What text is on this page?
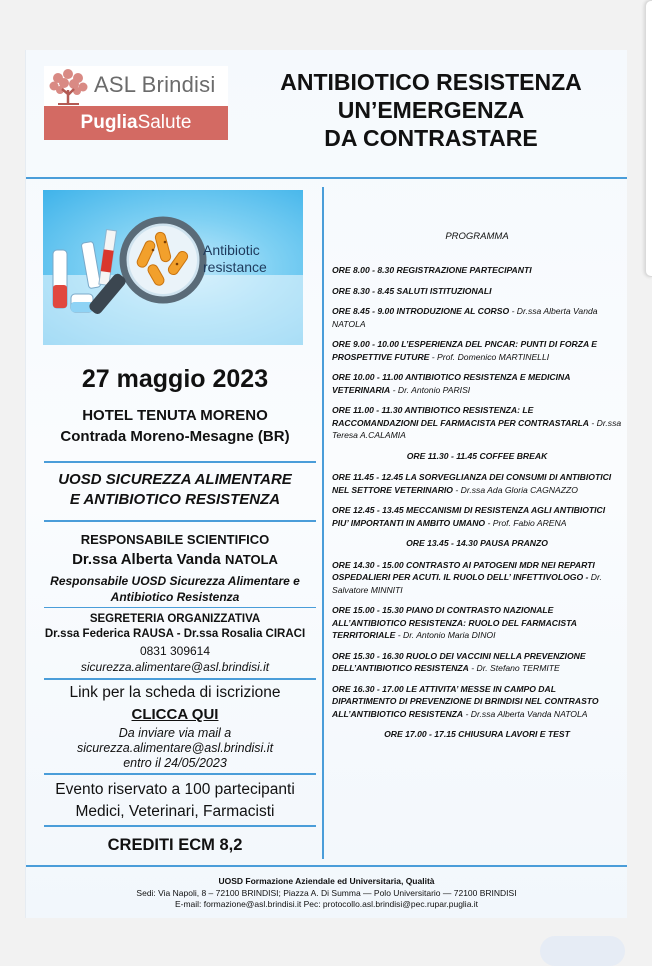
ASL Brindisi
Puglia Salute
ANTIBIOTICO RESISTENZA
UN’EMERGENZA
DA CONTRASTARE
Antibiotic
resistance
27 maggio 2023
HOTEL TENUTA MORENO
Contrada Moreno-Mesagne (BR)
UOSD SICUREZZA ALIMENTARE
E ANTIBIOTICO RESISTENZA
RESPONSABILE SCIENTIFICO
Dr.ssa Alberta Vanda NATOLA
Responsabile UOSD Sicurezza Alimentare e
Antibiotico Resistenza
SEGRETERIA ORGANIZZATIVA
Dr.ssa Federica RAUSA - Dr.ssa Rosalia CIRACI
0831 309614
sicurezza.alimentare@asl.brindisi.it
Link per la scheda di iscrizione
CLICCA QUI
Da inviare via mail a
sicurezza.alimentare@asl.brindisi.it
entro il 24/05/2023
Evento riservato a 100 partecipanti
Medici, Veterinari, Farmacisti
CREDITI ECM 8,2
PROGRAMMA
ORE 8.00 - 8.30 REGISTRAZIONE PARTECIPANTI
ORE 8.30 - 8.45 SALUTI ISTITUZIONALI
ORE 8.45 - 9.00 INTRODUZIONE AL CORSO - Dr.ssa Alberta Vanda NATOLA
ORE 9.00 - 10.00 L’ESPERIENZA DEL PNCAR: PUNTI DI FORZA E PROSPETTIVE FUTURE - Prof. Domenico MARTINELLI
ORE 10.00 - 11.00 ANTIBIOTICO RESISTENZA E MEDICINA VETERINARIA - Dr. Antonio PARISI
ORE 11.00 - 11.30 ANTIBIOTICO RESISTENZA: LE RACCOMANDAZIONI DEL FARMACISTA PER CONTRASTARLA - Dr.ssa Teresa A.CALAMIA
ORE 11.30 - 11.45 COFFEE BREAK
ORE 11.45 - 12.45 LA SORVEGLIANZA DEI CONSUMI DI ANTIBIOTICI NEL SETTORE VETERINARIO - Dr.ssa Ada Gloria CAGNAZZO
ORE 12.45 - 13.45 MECCANISMI DI RESISTENZA AGLI ANTIBIOTICI PIU’ IMPORTANTI IN AMBITO UMANO - Prof. Fabio ARENA
ORE 13.45 - 14.30 PAUSA PRANZO
ORE 14.30 - 15.00 CONTRASTO AI PATOGENI MDR NEI REPARTI OSPEDALIERI PER ACUTI. IL RUOLO DELL’ INFETTIVOLOGO - Dr. Salvatore MINNITI
ORE 15.00 - 15.30 PIANO DI CONTRASTO NAZIONALE ALL’ANTIBIOTICO RESISTENZA: RUOLO DEL FARMACISTA TERRITORIALE - Dr. Antonio Maria DINOI
ORE 15.30 - 16.30 RUOLO DEI VACCINI NELLA PREVENZIONE DELL’ANTIBIOTICO RESISTENZA - Dr. Stefano TERMITE
ORE 16.30 - 17.00 LE ATTIVITA’ MESSE IN CAMPO DAL DIPARTIMENTO DI PREVENZIONE DI BRINDISI NEL CONTRASTO ALL’ANTIBIOTICO RESISTENZA - Dr.ssa Alberta Vanda NATOLA
ORE 17.00 - 17.15 CHIUSURA LAVORI E TEST
UOSD Formazione Aziendale ed Universitaria, Qualità
Sedi: Via Napoli, 8 – 72100 BRINDISI; Piazza A. Di Summa — Polo Universitario — 72100 BRINDISI
E-mail: formazione@asl.brindisi.it Pec: protocollo.asl.brindisi@pec.rupar.puglia.it
